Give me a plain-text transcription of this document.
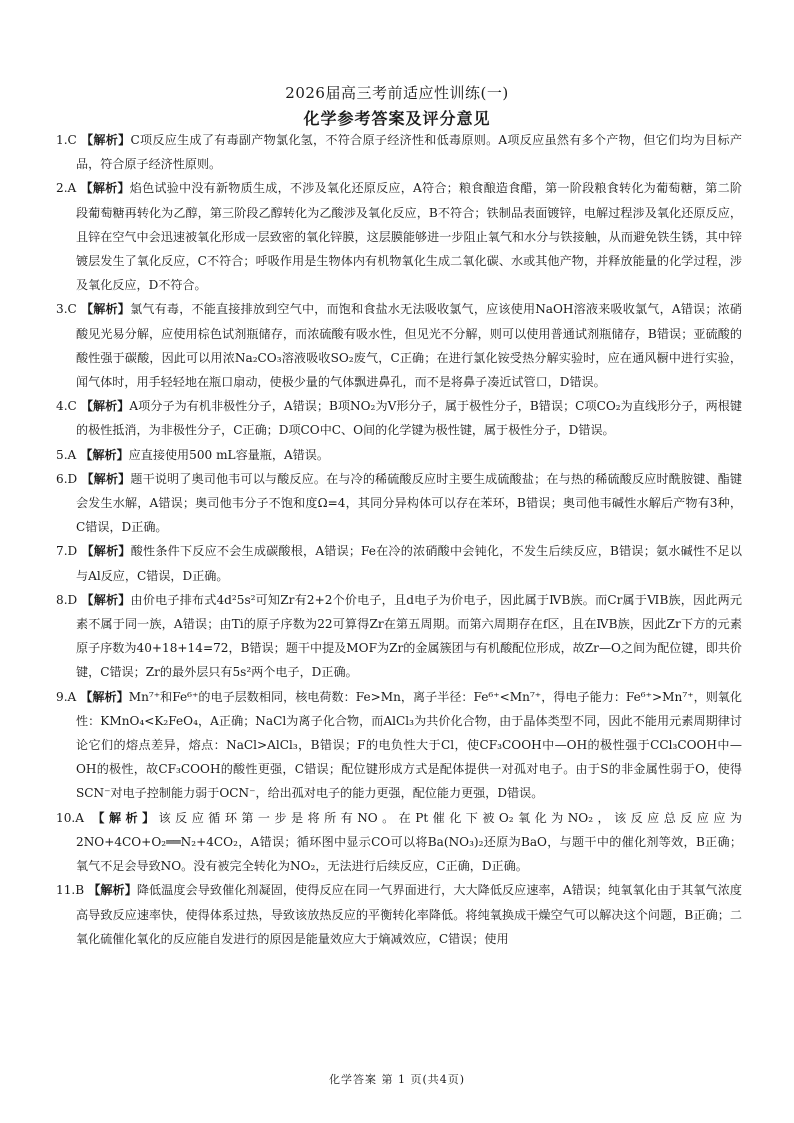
2026届高三考前适应性训练(一)
化学参考答案及评分意见

1.C 【解析】C项反应生成了有毒副产物氯化氢，不符合原子经济性和低毒原则。A项反应虽然有多个产物，但它们均为目标产品，符合原子经济性原则。

2.A 【解析】焰色试验中没有新物质生成，不涉及氧化还原反应，A符合；粮食酿造食醋，第一阶段粮食转化为葡萄糖，第二阶段葡萄糖再转化为乙醇，第三阶段乙醇转化为乙酸涉及氧化反应，B不符合；铁制品表面镀锌，电解过程涉及氧化还原反应，且锌在空气中会迅速被氧化形成一层致密的氧化锌膜，这层膜能够进一步阻止氧气和水分与铁接触，从而避免铁生锈，其中锌镀层发生了氧化反应，C不符合；呼吸作用是生物体内有机物氧化生成二氧化碳、水或其他产物，并释放能量的化学过程，涉及氧化反应，D不符合。

3.C 【解析】氯气有毒，不能直接排放到空气中，而饱和食盐水无法吸收氯气，应该使用NaOH溶液来吸收氯气，A错误；浓硝酸见光易分解，应使用棕色试剂瓶储存，而浓硫酸有吸水性，但见光不分解，则可以使用普通试剂瓶储存，B错误；亚硫酸的酸性强于碳酸，因此可以用浓Na₂CO₃溶液吸收SO₂废气，C正确；在进行氯化铵受热分解实验时，应在通风橱中进行实验，闻气体时，用手轻轻地在瓶口扇动，使极少量的气体飘进鼻孔，而不是将鼻子凑近试管口，D错误。

4.C 【解析】A项分子为有机非极性分子，A错误；B项NO₂为V形分子，属于极性分子，B错误；C项CO₂为直线形分子，两根键的极性抵消，为非极性分子，C正确；D项CO中C、O间的化学键为极性键，属于极性分子，D错误。

5.A 【解析】应直接使用500 mL容量瓶，A错误。

6.D 【解析】题干说明了奥司他韦可以与酸反应。在与冷的稀硫酸反应时主要生成硫酸盐；在与热的稀硫酸反应时酰胺键、酯键会发生水解，A错误；奥司他韦分子不饱和度Ω=4，其同分异构体可以存在苯环，B错误；奥司他韦碱性水解后产物有3种，C错误，D正确。

7.D 【解析】酸性条件下反应不会生成碳酸根，A错误；Fe在冷的浓硝酸中会钝化，不发生后续反应，B错误；氨水碱性不足以与Al反应，C错误，D正确。

8.D 【解析】由价电子排布式4d²5s²可知Zr有2+2个价电子，且d电子为价电子，因此属于ⅣB族。而Cr属于ⅥB族，因此两元素不属于同一族，A错误；由Ti的原子序数为22可算得Zr在第五周期。而第六周期存在f区，且在ⅣB族，因此Zr下方的元素原子序数为40+18+14=72，B错误；题干中提及MOF为Zr的金属簇团与有机酸配位形成，故Zr—O之间为配位键，即共价键，C错误；Zr的最外层只有5s²两个电子，D正确。

9.A 【解析】Mn⁷⁺和Fe⁶⁺的电子层数相同，核电荷数：Fe>Mn，离子半径：Fe⁶⁺<Mn⁷⁺，得电子能力：Fe⁶⁺>Mn⁷⁺，则氧化性：KMnO₄<K₂FeO₄，A正确；NaCl为离子化合物，而AlCl₃为共价化合物，由于晶体类型不同，因此不能用元素周期律讨论它们的熔点差异，熔点：NaCl>AlCl₃，B错误；F的电负性大于Cl，使CF₃COOH中—OH的极性强于CCl₃COOH中—OH的极性，故CF₃COOH的酸性更强，C错误；配位键形成方式是配体提供一对孤对电子。由于S的非金属性弱于O，使得SCN⁻对电子控制能力弱于OCN⁻，给出孤对电子的能力更强，配位能力更强，D错误。

10.A 【解析】该反应循环第一步是将所有NO。在Pt催化下被O₂氧化为NO₂，该反应总反应应为2NO+4CO+O₂══N₂+4CO₂，A错误；循环图中显示CO可以将Ba(NO₃)₂还原为BaO，与题干中的催化剂等效，B正确；氧气不足会导致NO。没有被完全转化为NO₂，无法进行后续反应，C正确，D正确。

11.B 【解析】降低温度会导致催化剂凝固，使得反应在同一气界面进行，大大降低反应速率，A错误；纯氧氧化由于其氧气浓度高导致反应速率快，使得体系过热，导致该放热反应的平衡转化率降低。将纯氧换成干燥空气可以解决这个问题，B正确；二氧化硫催化氧化的反应能自发进行的原因是能量效应大于熵减效应，C错误；使用

化学答案 第 1 页(共4页)
